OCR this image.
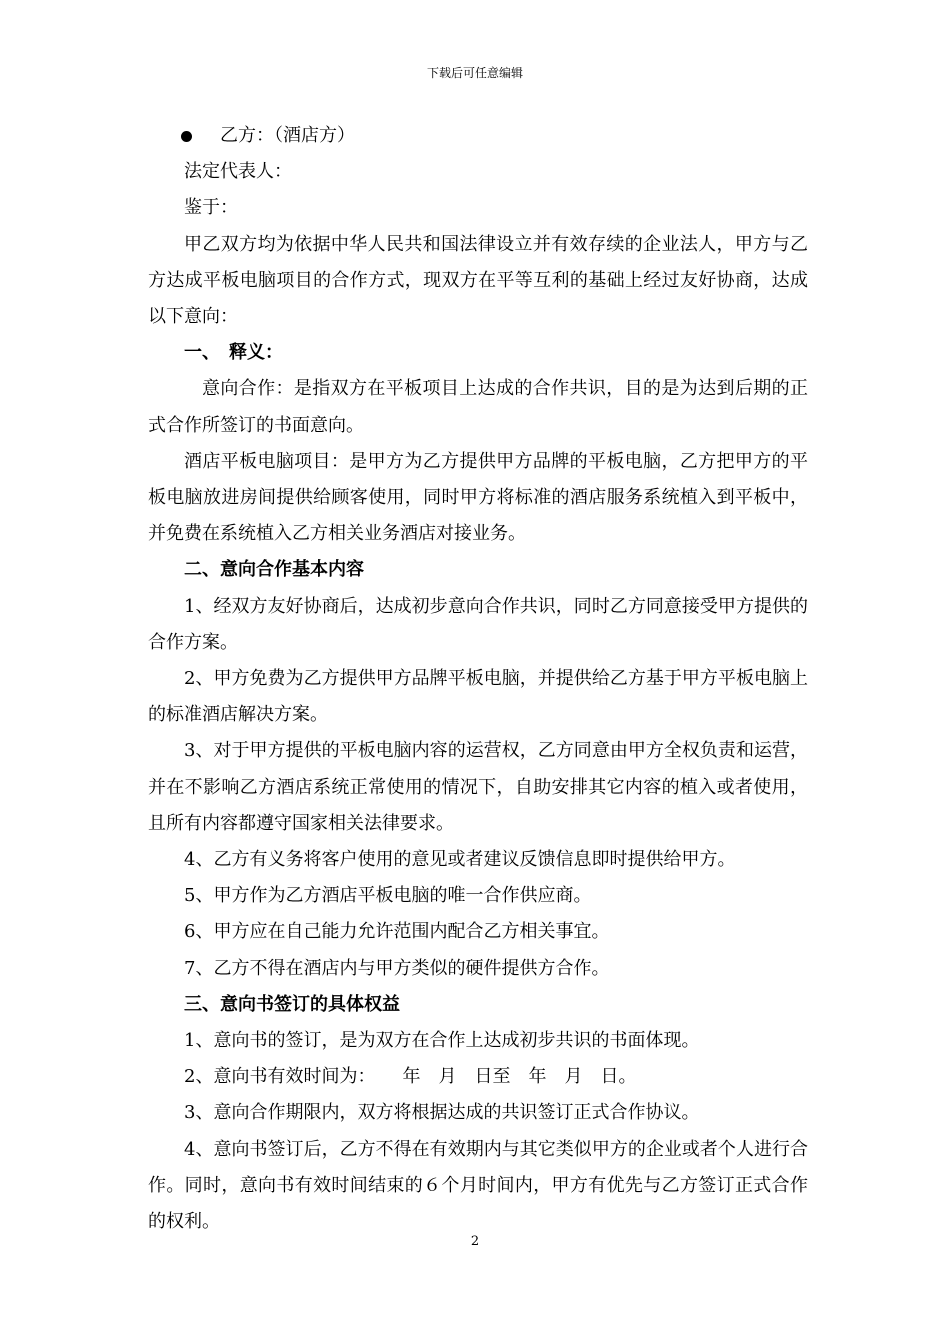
下载后可任意编辑

乙方：（酒店方）

法定代表人：

鉴于：

甲乙双方均为依据中华人民共和国法律设立并有效存续的企业法人，甲方与乙方达成平板电脑项目的合作方式，现双方在平等互利的基础上经过友好协商，达成以下意向：

一、　释义：

意向合作：是指双方在平板项目上达成的合作共识，目的是为达到后期的正式合作所签订的书面意向。

酒店平板电脑项目：是甲方为乙方提供甲方品牌的平板电脑，乙方把甲方的平板电脑放进房间提供给顾客使用，同时甲方将标准的酒店服务系统植入到平板中，并免费在系统植入乙方相关业务酒店对接业务。

二、意向合作基本内容

1、经双方友好协商后，达成初步意向合作共识，同时乙方同意接受甲方提供的合作方案。

2、甲方免费为乙方提供甲方品牌平板电脑，并提供给乙方基于甲方平板电脑上的标准酒店解决方案。

3、对于甲方提供的平板电脑内容的运营权，乙方同意由甲方全权负责和运营，并在不影响乙方酒店系统正常使用的情况下，自助安排其它内容的植入或者使用，且所有内容都遵守国家相关法律要求。

4、乙方有义务将客户使用的意见或者建议反馈信息即时提供给甲方。

5、甲方作为乙方酒店平板电脑的唯一合作供应商。

6、甲方应在自己能力允许范围内配合乙方相关事宜。

7、乙方不得在酒店内与甲方类似的硬件提供方合作。

三、意向书签订的具体权益

1、意向书的签订，是为双方在合作上达成初步共识的书面体现。

2、意向书有效时间为：　　年　月　日至　年　月　日。

3、意向合作期限内，双方将根据达成的共识签订正式合作协议。

4、意向书签订后，乙方不得在有效期内与其它类似甲方的企业或者个人进行合作。同时，意向书有效时间结束的６个月时间内，甲方有优先与乙方签订正式合作的权利。

2
